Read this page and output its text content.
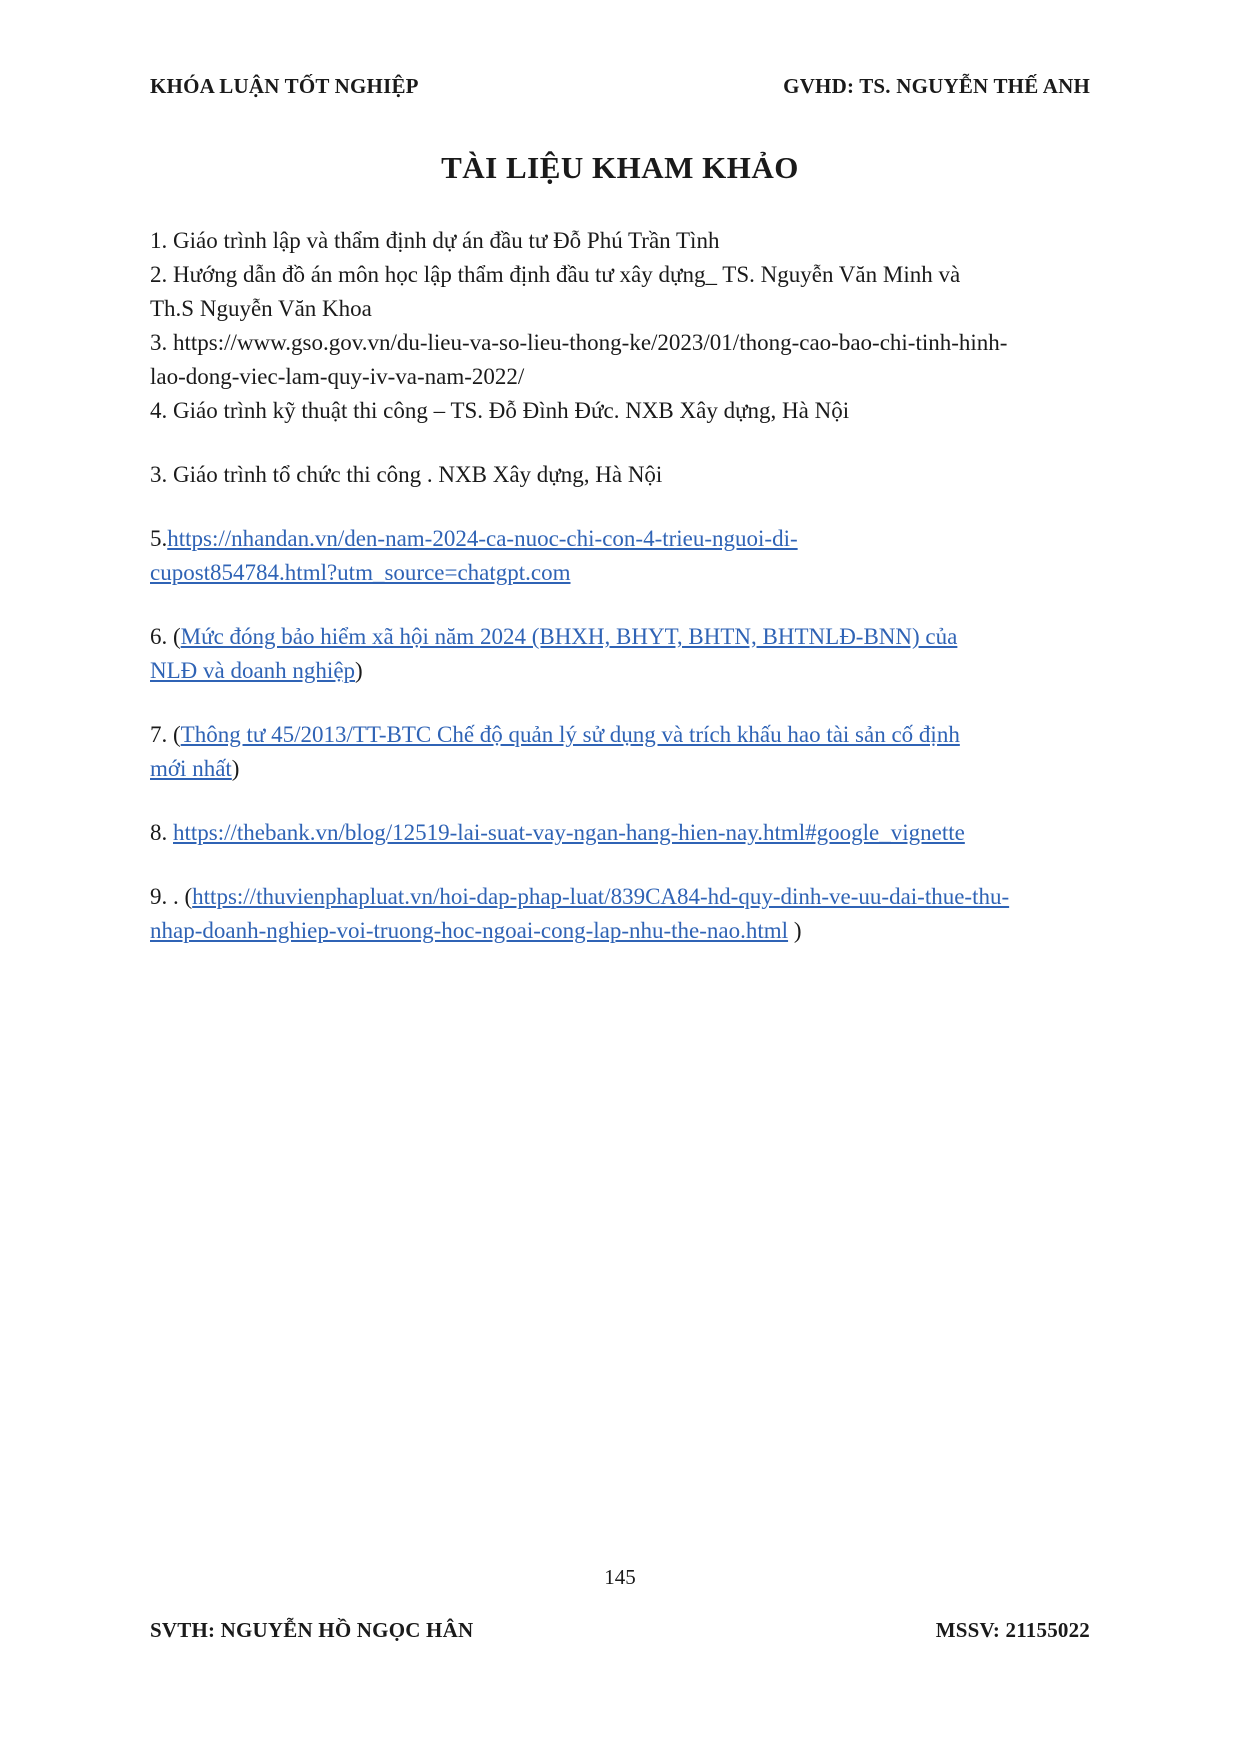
KHÓA LUẬN TỐT NGHIỆP	GVHD: TS. NGUYỄN THẾ ANH
TÀI LIỆU KHAM KHẢO

1. Giáo trình lập và thẩm định dự án đầu tư Đỗ Phú Trần Tình

2. Hướng dẫn đồ án môn học lập thẩm định đầu tư xây dựng_ TS. Nguyễn Văn Minh và
Th.S Nguyễn Văn Khoa

3. https://www.gso.gov.vn/du-lieu-va-so-lieu-thong-ke/2023/01/thong-cao-bao-chi-tinh-hinh-
lao-dong-viec-lam-quy-iv-va-nam-2022/

4. Giáo trình kỹ thuật thi công – TS. Đỗ Đình Đức. NXB Xây dựng, Hà Nội

3. Giáo trình tổ chức thi công . NXB Xây dựng, Hà Nội

5.https://nhandan.vn/den-nam-2024-ca-nuoc-chi-con-4-trieu-nguoi-di-
cupost854784.html?utm_source=chatgpt.com

6. (Mức đóng bảo hiểm xã hội năm 2024 (BHXH, BHYT, BHTN, BHTNLĐ-BNN) của
NLĐ và doanh nghiệp)

7. (Thông tư 45/2013/TT-BTC Chế độ quản lý sử dụng và trích khấu hao tài sản cố định
mới nhất)

8. https://thebank.vn/blog/12519-lai-suat-vay-ngan-hang-hien-nay.html#google_vignette

9. . (https://thuvienphapluat.vn/hoi-dap-phap-luat/839CA84-hd-quy-dinh-ve-uu-dai-thue-thu-
nhap-doanh-nghiep-voi-truong-hoc-ngoai-cong-lap-nhu-the-nao.html )

145
SVTH: NGUYỄN HỒ NGỌC HÂN	MSSV: 21155022
